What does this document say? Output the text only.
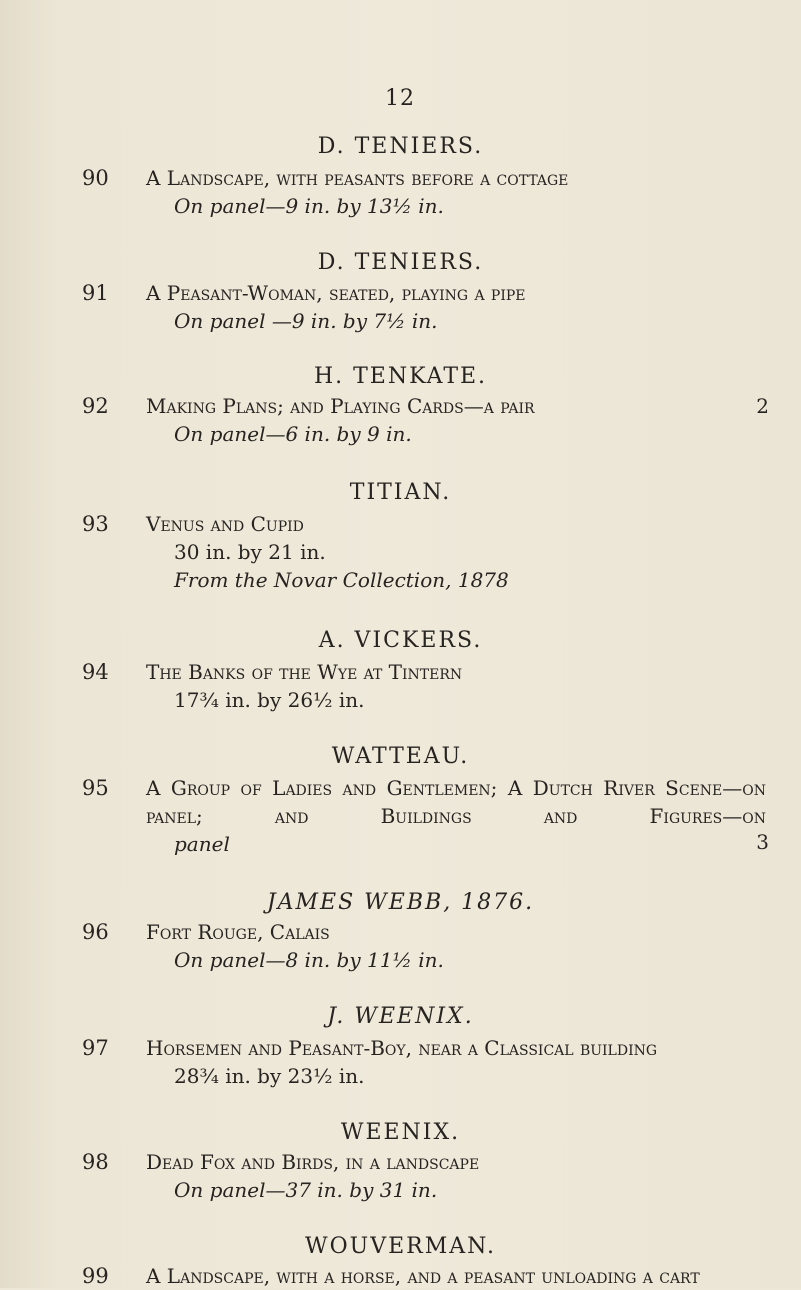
12
D. TENIERS.
90	A Landscape, with peasants before a cottage
On panel—9 in. by 13½ in.
D. TENIERS.
91	A Peasant-Woman, seated, playing a pipe
On panel —9 in. by 7½ in.
H. TENKATE.
92	Making Plans; and Playing Cards—a pair	2
On panel—6 in. by 9 in.
TITIAN.
93	Venus and Cupid
30 in. by 21 in.
From the Novar Collection, 1878
A. VICKERS.
94	The Banks of the Wye at Tintern
17¾ in. by 26½ in.
WATTEAU.
95	A Group of Ladies and Gentlemen; A Dutch River Scene—on panel; and Buildings and Figures—on
panel	3
JAMES WEBB, 1876.
96	Fort Rouge, Calais
On panel—8 in. by 11½ in.
J. WEENIX.
97	Horsemen and Peasant-Boy, near a Classical building
28¾ in. by 23½ in.
WEENIX.
98	Dead Fox and Birds, in a landscape
On panel—37 in. by 31 in.
WOUVERMAN.
99	A Landscape, with a horse, and a peasant unloading a cart
